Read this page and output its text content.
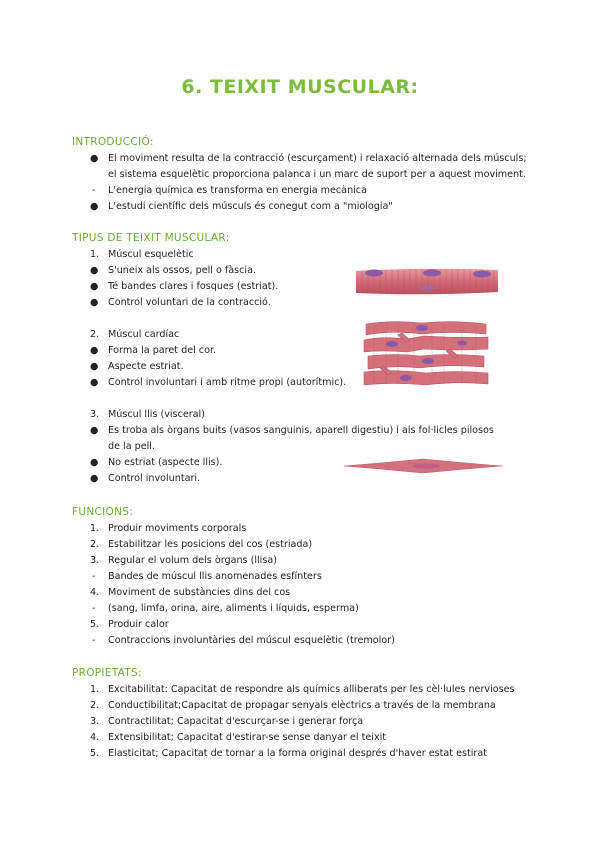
6. TEIXIT MUSCULAR:
INTRODUCCIÓ:
● El moviment resulta de la contracció (escurçament) i relaxació alternada dels músculs; el sistema esquelètic proporciona palanca i un marc de suport per a aquest moviment.
- L'energia química es transforma en energia mecànica
● L'estudi científic dels músculs és conegut com a "miologia"
TIPUS DE TEIXIT MUSCULAR:
1. Múscul esquelètic
● S'uneix als ossos, pell o fàscia.
● Té bandes clares i fosques (estriat).
● Control voluntari de la contracció.
2. Múscul cardíac
● Forma la paret del cor.
● Aspecte estriat.
● Control involuntari i amb ritme propi (autorítmic).
3. Múscul llis (visceral)
● Es troba als òrgans buits (vasos sanguinis, aparell digestiu) i als fol·licles pilosos de la pell.
● No estriat (aspecte llis).
● Control involuntari.
FUNCIONS:
1. Produir moviments corporals
2. Estabilitzar les posicions del cos (estriada)
3. Regular el volum dels òrgans (llisa)
- Bandes de múscul llis anomenades esfínters
4. Moviment de substàncies dins del cos
- (sang, limfa, orina, aire, aliments i líquids, esperma)
5. Produir calor
- Contraccions involuntàries del múscul esquelètic (tremolor)
PROPIETATS:
1. Excitabilitat: Capacitat de respondre als químics alliberats per les cèl·lules nervioses
2. Conductibilitat;Capacitat de propagar senyals elèctrics a través de la membrana
3. Contractilitat; Capacitat d'escurçar-se i generar força
4. Extensibilitat; Capacitat d'estirar-se sense danyar el teixit
5. Elasticitat; Capacitat de tornar a la forma original després d'haver estat estirat
